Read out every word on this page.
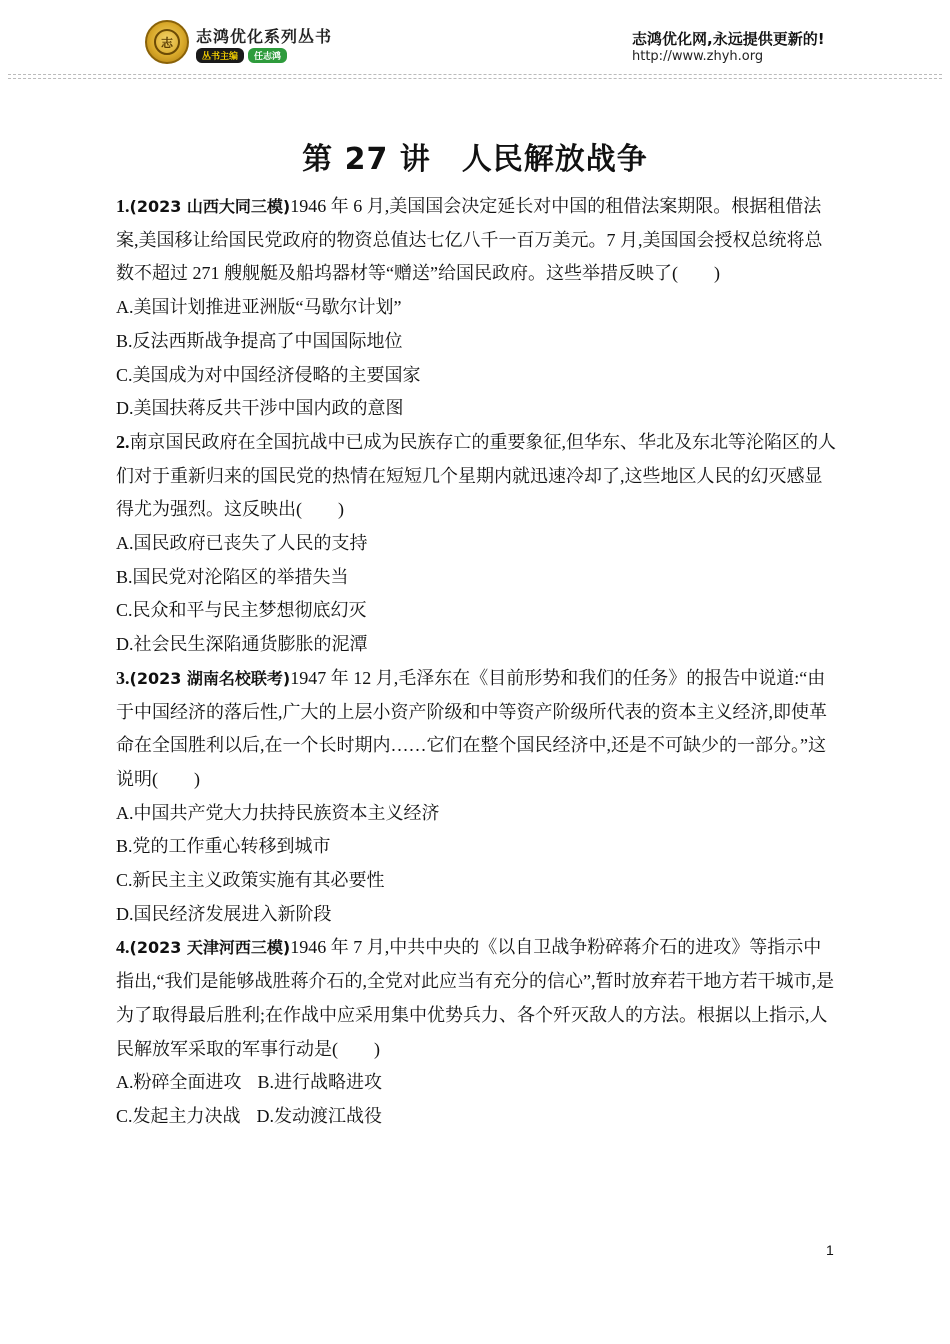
志	志鸿优化系列丛书
丛书主编	任志鸿
志鸿优化网,永远提供更新的!
http://www.zhyh.org
第 27 讲　人民解放战争

1.(2023 山西大同三模)1946 年 6 月,美国国会决定延长对中国的租借法案期限。根据租借法案,美国移让给国民党政府的物资总值达七亿八千一百万美元。7 月,美国国会授权总统将总数不超过 271 艘舰艇及船坞器材等“赠送”给国民政府。这些举措反映了(　　)

A.美国计划推进亚洲版“马歇尔计划”

B.反法西斯战争提高了中国国际地位

C.美国成为对中国经济侵略的主要国家

D.美国扶蒋反共干涉中国内政的意图

2.南京国民政府在全国抗战中已成为民族存亡的重要象征,但华东、华北及东北等沦陷区的人们对于重新归来的国民党的热情在短短几个星期内就迅速冷却了,这些地区人民的幻灭感显得尤为强烈。这反映出(　　)

A.国民政府已丧失了人民的支持

B.国民党对沦陷区的举措失当

C.民众和平与民主梦想彻底幻灭

D.社会民生深陷通货膨胀的泥潭

3.(2023 湖南名校联考)1947 年 12 月,毛泽东在《目前形势和我们的任务》的报告中说道:“由于中国经济的落后性,广大的上层小资产阶级和中等资产阶级所代表的资本主义经济,即使革命在全国胜利以后,在一个长时期内……它们在整个国民经济中,还是不可缺少的一部分。”这说明(　　)

A.中国共产党大力扶持民族资本主义经济

B.党的工作重心转移到城市

C.新民主主义政策实施有其必要性

D.国民经济发展进入新阶段

4.(2023 天津河西三模)1946 年 7 月,中共中央的《以自卫战争粉碎蒋介石的进攻》等指示中指出,“我们是能够战胜蒋介石的,全党对此应当有充分的信心”,暂时放弃若干地方若干城市,是为了取得最后胜利;在作战中应采用集中优势兵力、各个歼灭敌人的方法。根据以上指示,人民解放军采取的军事行动是(　　)

A.粉碎全面进攻 B.进行战略进攻

C.发起主力决战 D.发动渡江战役

1
